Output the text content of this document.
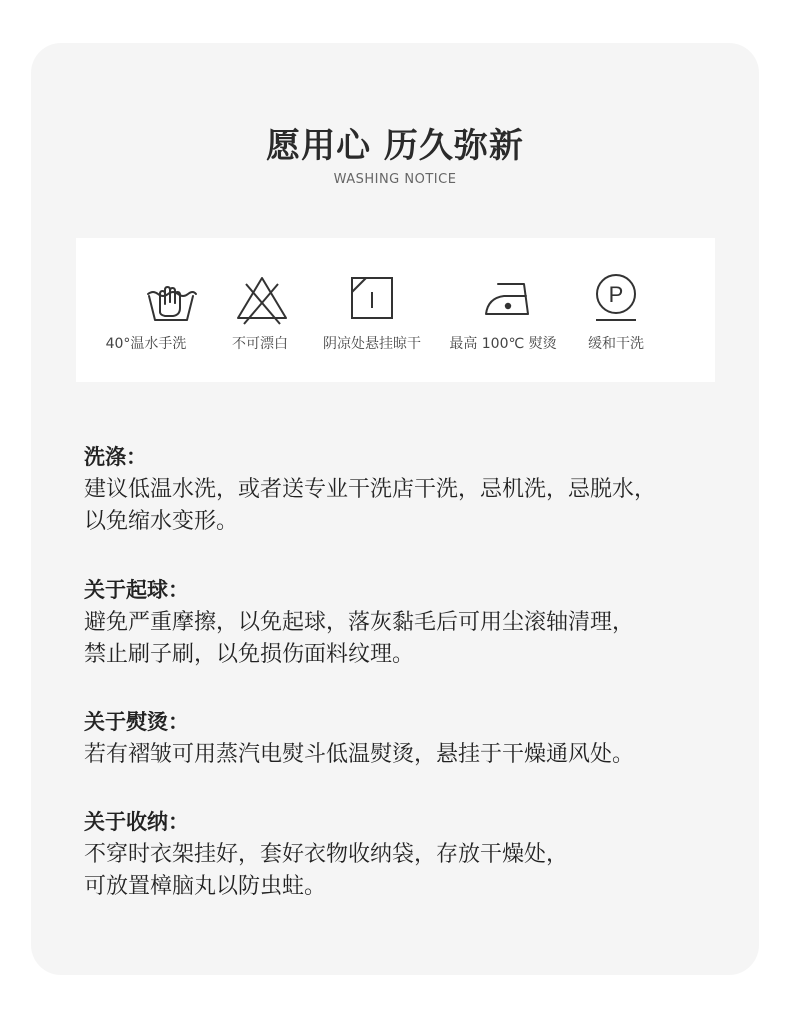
愿用心 历久弥新
WASHING NOTICE
40°温水手洗	不可漂白	阴凉处悬挂晾干 最高 100℃ 熨烫
P
缓和干洗
洗涤：
建议低温水洗，或者送专业干洗店干洗，忌机洗，忌脱水，
以免缩水变形。
关于起球：
避免严重摩擦，以免起球，落灰黏毛后可用尘滚轴清理，
禁止刷子刷，以免损伤面料纹理。
关于熨烫：
若有褶皱可用蒸汽电熨斗低温熨烫，悬挂于干燥通风处。
关于收纳：
不穿时衣架挂好，套好衣物收纳袋，存放干燥处，
可放置樟脑丸以防虫蛀。
